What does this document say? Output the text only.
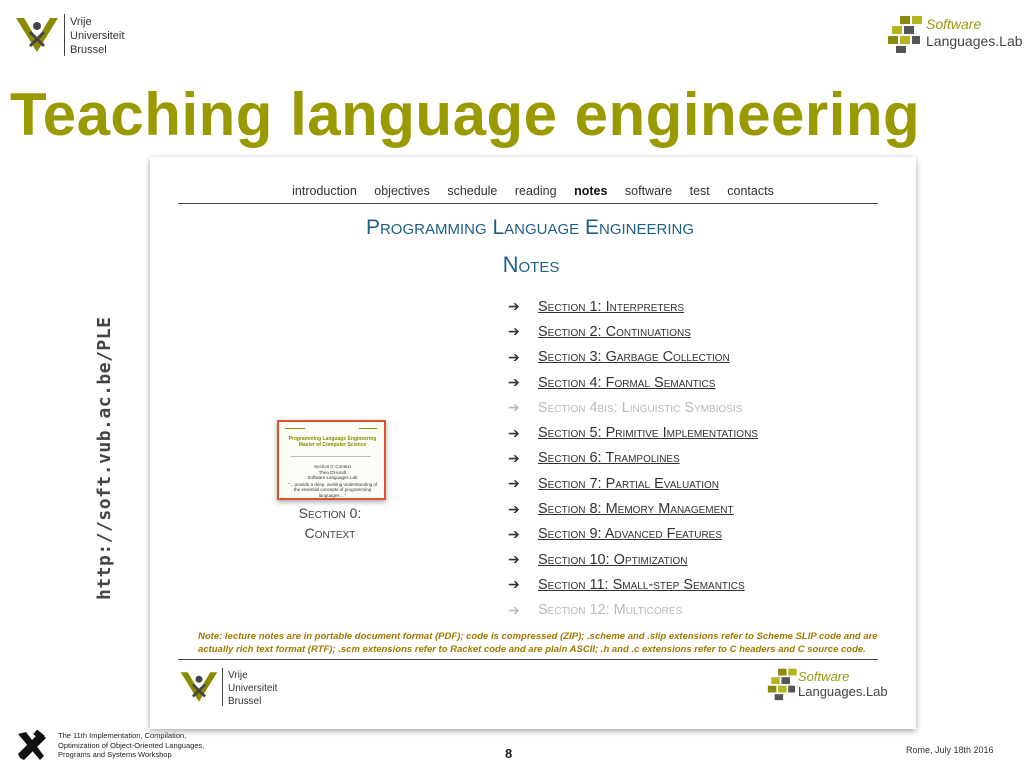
Vrije
Universiteit
Brussel
Software
Languages.Lab
Teaching language engineering
http://soft.vub.ac.be/PLE
introduction objectives schedule reading notes software test contacts
Programming Language Engineering
Notes
➔	Section 1: Interpreters
➔	Section 2: Continuations
➔	Section 3: Garbage Collection
➔	Section 4: Formal Semantics
➔	Section 4bis: Linguistic Symbiosis
➔	Section 5: Primitive Implementations
➔	Section 6: Trampolines
➔	Section 7: Partial Evaluation
➔	Section 8: Memory Management
➔	Section 9: Advanced Features
➔	Section 10: Optimization
➔	Section 11: Small-step Semantics
➔	Section 12: Multicores
Programming Language Engineering
Master of Computer Science
Section 0: Context
Theo D'Hondt
Software Languages Lab
"... provide a deep, working understanding of the essential concepts of programming languages ..."
Section 0:
Context
Note: lecture notes are in portable document format (PDF); code is compressed (ZIP); .scheme and .slip extensions refer to Scheme SLIP code and are actually rich text format (RTF); .scm extensions refer to Racket code and are plain ASCII; .h and .c extensions refer to C headers and C source code.
Vrije
Universiteit
Brussel
Software
Languages.Lab
The 11th Implementation, Compilation,
Optimization of Object-Oriented Languages,
Programs and Systems Workshop	8	Rome, July 18th 2016
